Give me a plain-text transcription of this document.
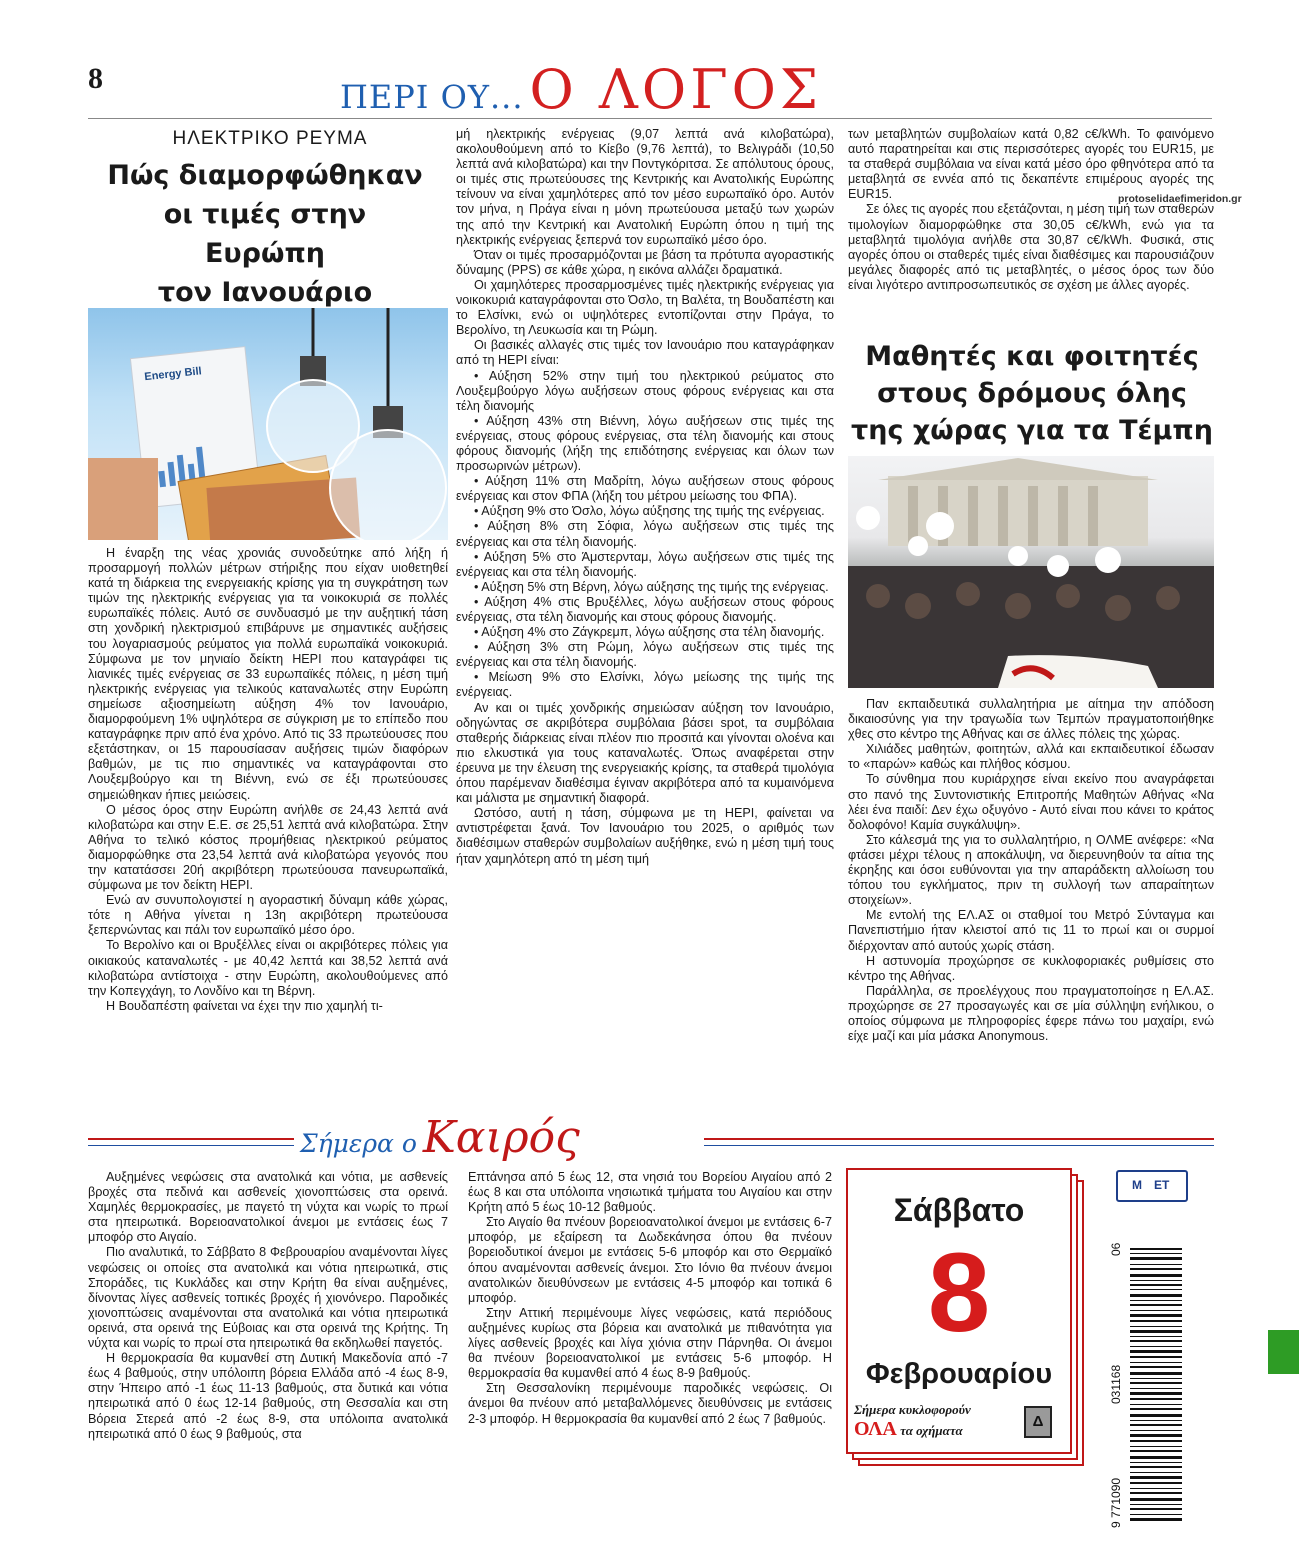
8	ΠΕΡΙ ΟΥ... Ο ΛΟΓΟΣ
protoselidaefimeridon.gr
ΗΛΕΚΤΡΙΚΟ ΡΕΥΜΑ
Πώς διαμορφώθηκαν
οι τιμές στην Ευρώπη
τον Ιανουάριο
Energy Bill

Η έναρξη της νέας χρονιάς συνοδεύτηκε από λήξη ή προσαρμογή πολλών μέτρων στήριξης που είχαν υιοθετηθεί κατά τη διάρκεια της ενεργειακής κρίσης για τη συγκράτηση των τιμών της ηλεκτρικής ενέργειας για τα νοικοκυριά σε πολλές ευρωπαϊκές πόλεις. Αυτό σε συνδυασμό με την αυξητική τάση στη χονδρική ηλεκτρισμού επιβάρυνε με σημαντικές αυξήσεις του λογαριασμούς ρεύματος για πολλά ευρωπαϊκά νοικοκυριά. Σύμφωνα με τον μηνιαίο δείκτη HEPI που καταγράφει τις λιανικές τιμές ενέργειας σε 33 ευρωπαϊκές πόλεις, η μέση τιμή ηλεκτρικής ενέργειας για τελικούς καταναλωτές στην Ευρώπη σημείωσε αξιοσημείωτη αύξηση 4% τον Ιανουάριο, διαμορφούμενη 1% υψηλότερα σε σύγκριση με το επίπεδο που καταγράφηκε πριν από ένα χρόνο. Από τις 33 πρωτεύουσες που εξετάστηκαν, οι 15 παρουσίασαν αυξήσεις τιμών διαφόρων βαθμών, με τις πιο σημαντικές να καταγράφονται στο Λουξεμβούργο και τη Βιέννη, ενώ σε έξι πρωτεύουσες σημειώθηκαν ήπιες μειώσεις.

Ο μέσος όρος στην Ευρώπη ανήλθε σε 24,43 λεπτά ανά κιλοβατώρα και στην Ε.Ε. σε 25,51 λεπτά ανά κιλοβατώρα. Στην Αθήνα το τελικό κόστος προμήθειας ηλεκτρικού ρεύματος διαμορφώθηκε στα 23,54 λεπτά ανά κιλοβατώρα γεγονός που την κατατάσσει 20ή ακριβότερη πρωτεύουσα πανευρωπαϊκά, σύμφωνα με τον δείκτη HEPI.

Ενώ αν συνυπολογιστεί η αγοραστική δύναμη κάθε χώρας, τότε η Αθήνα γίνεται η 13η ακριβότερη πρωτεύουσα ξεπερνώντας και πάλι τον ευρωπαϊκό μέσο όρο.

Το Βερολίνο και οι Βρυξέλλες είναι οι ακριβότερες πόλεις για οικιακούς καταναλωτές - με 40,42 λεπτά και 38,52 λεπτά ανά κιλοβατώρα αντίστοιχα - στην Ευρώπη, ακολουθούμενες από την Κοπεγχάγη, το Λονδίνο και τη Βέρνη.

Η Βουδαπέστη φαίνεται να έχει την πιο χαμηλή τι-

μή ηλεκτρικής ενέργειας (9,07 λεπτά ανά κιλοβατώρα), ακολουθούμενη από το Κίεβο (9,76 λεπτά), το Βελιγράδι (10,50 λεπτά ανά κιλοβατώρα) και την Ποντγκόριτσα. Σε απόλυτους όρους, οι τιμές στις πρωτεύουσες της Κεντρικής και Ανατολικής Ευρώπης τείνουν να είναι χαμηλότερες από τον μέσο ευρωπαϊκό όρο. Αυτόν τον μήνα, η Πράγα είναι η μόνη πρωτεύουσα μεταξύ των χωρών της από την Κεντρική και Ανατολική Ευρώπη όπου η τιμή της ηλεκτρικής ενέργειας ξεπερνά τον ευρωπαϊκό μέσο όρο.

Όταν οι τιμές προσαρμόζονται με βάση τα πρότυπα αγοραστικής δύναμης (PPS) σε κάθε χώρα, η εικόνα αλλάζει δραματικά.

Οι χαμηλότερες προσαρμοσμένες τιμές ηλεκτρικής ενέργειας για νοικοκυριά καταγράφονται στο Όσλο, τη Βαλέτα, τη Βουδαπέστη και το Ελσίνκι, ενώ οι υψηλότερες εντοπίζονται στην Πράγα, το Βερολίνο, τη Λευκωσία και τη Ρώμη.

Οι βασικές αλλαγές στις τιμές τον Ιανουάριο που καταγράφηκαν από τη HEPI είναι:

• Αύξηση 52% στην τιμή του ηλεκτρικού ρεύματος στο Λουξεμβούργο λόγω αυξήσεων στους φόρους ενέργειας και στα τέλη διανομής

• Αύξηση 43% στη Βιέννη, λόγω αυξήσεων στις τιμές της ενέργειας, στους φόρους ενέργειας, στα τέλη διανομής και στους φόρους διανομής (λήξη της επιδότησης ενέργειας και όλων των προσωρινών μέτρων).

• Αύξηση 11% στη Μαδρίτη, λόγω αυξήσεων στους φόρους ενέργειας και στον ΦΠΑ (λήξη του μέτρου μείωσης του ΦΠΑ).

• Αύξηση 9% στο Όσλο, λόγω αύξησης της τιμής της ενέργειας.

• Αύξηση 8% στη Σόφια, λόγω αυξήσεων στις τιμές της ενέργειας και στα τέλη διανομής.

• Αύξηση 5% στο Άμστερνταμ, λόγω αυξήσεων στις τιμές της ενέργειας και στα τέλη διανομής.

• Αύξηση 5% στη Βέρνη, λόγω αύξησης της τιμής της ενέργειας.

• Αύξηση 4% στις Βρυξέλλες, λόγω αυξήσεων στους φόρους ενέργειας, στα τέλη διανομής και στους φόρους διανομής.

• Αύξηση 4% στο Ζάγκρεμπ, λόγω αύξησης στα τέλη διανομής.

• Αύξηση 3% στη Ρώμη, λόγω αυξήσεων στις τιμές της ενέργειας και στα τέλη διανομής.

• Μείωση 9% στο Ελσίνκι, λόγω μείωσης της τιμής της ενέργειας.

Αν και οι τιμές χονδρικής σημειώσαν αύξηση τον Ιανουάριο, οδηγώντας σε ακριβότερα συμβόλαια βάσει spot, τα συμβόλαια σταθερής διάρκειας είναι πλέον πιο προσιτά και γίνονται ολοένα και πιο ελκυστικά για τους καταναλωτές. Όπως αναφέρεται στην έρευνα με την έλευση της ενεργειακής κρίσης, τα σταθερά τιμολόγια όπου παρέμεναν διαθέσιμα έγιναν ακριβότερα από τα κυμαινόμενα και μάλιστα με σημαντική διαφορά.

Ωστόσο, αυτή η τάση, σύμφωνα με τη HEPI, φαίνεται να αντιστρέφεται ξανά. Τον Ιανουάριο του 2025, ο αριθμός των διαθέσιμων σταθερών συμβολαίων αυξήθηκε, ενώ η μέση τιμή τους ήταν χαμηλότερη από τη μέση τιμή

των μεταβλητών συμβολαίων κατά 0,82 c€/kWh. Το φαινόμενο αυτό παρατηρείται και στις περισσότερες αγορές του EUR15, με τα σταθερά συμβόλαια να είναι κατά μέσο όρο φθηνότερα από τα μεταβλητά σε εννέα από τις δεκαπέντε επιμέρους αγορές της EUR15.

Σε όλες τις αγορές που εξετάζονται, η μέση τιμή των σταθερών τιμολογίων διαμορφώθηκε στα 30,05 c€/kWh, ενώ για τα μεταβλητά τιμολόγια ανήλθε στα 30,87 c€/kWh. Φυσικά, στις αγορές όπου οι σταθερές τιμές είναι διαθέσιμες και παρουσιάζουν μεγάλες διαφορές από τις μεταβλητές, ο μέσος όρος των δύο είναι λιγότερο αντιπροσωπευτικός σε σχέση με άλλες αγορές.

Μαθητές και φοιτητές
στους δρόμους όλης
της χώρας για τα Τέμπη

Παν εκπαιδευτικά συλλαλητήρια με αίτημα την απόδοση δικαιοσύνης για την τραγωδία των Τεμπών πραγματοποιήθηκε χθες στο κέντρο της Αθήνας και σε άλλες πόλεις της χώρας.

Χιλιάδες μαθητών, φοιτητών, αλλά και εκπαιδευτικοί έδωσαν το «παρών» καθώς και πλήθος κόσμου.

Το σύνθημα που κυριάρχησε είναι εκείνο που αναγράφεται στο πανό της Συντονιστικής Επιτροπής Μαθητών Αθήνας «Να λέει ένα παιδί: Δεν έχω οξυγόνο - Αυτό είναι που κάνει το κράτος δολοφόνο! Καμία συγκάλυψη».

Στο κάλεσμά της για το συλλαλητήριο, η ΟΛΜΕ ανέφερε: «Να φτάσει μέχρι τέλους η αποκάλυψη, να διερευνηθούν τα αίτια της έκρηξης και όσοι ευθύνονται για την απαράδεκτη αλλοίωση του τόπου του εγκλήματος, πριν τη συλλογή των απαραίτητων στοιχείων».

Με εντολή της ΕΛ.ΑΣ οι σταθμοί του Μετρό Σύνταγμα και Πανεπιστήμιο ήταν κλειστοί από τις 11 το πρωί και οι συρμοί διέρχονταν από αυτούς χωρίς στάση.

Η αστυνομία προχώρησε σε κυκλοφοριακές ρυθμίσεις στο κέντρο της Αθήνας.

Παράλληλα, σε προελέγχους που πραγματοποίησε η ΕΛ.ΑΣ. προχώρησε σε 27 προσαγωγές και σε μία σύλληψη ενήλικου, ο οποίος σύμφωνα με πληροφορίες έφερε πάνω του μαχαίρι, ενώ είχε μαζί και μία μάσκα Anonymous.

Σήμερα ο Καιρός

Αυξημένες νεφώσεις στα ανατολικά και νότια, με ασθενείς βροχές στα πεδινά και ασθενείς χιονοπτώσεις στα ορεινά. Χαμηλές θερμοκρασίες, με παγετό τη νύχτα και νωρίς το πρωί στα ηπειρωτικά. Βορειοανατολικοί άνεμοι με εντάσεις έως 7 μποφόρ στο Αιγαίο.

Πιο αναλυτικά, το Σάββατο 8 Φεβρουαρίου αναμένονται λίγες νεφώσεις οι οποίες στα ανατολικά και νότια ηπειρωτικά, στις Σποράδες, τις Κυκλάδες και στην Κρήτη θα είναι αυξημένες, δίνοντας λίγες ασθενείς τοπικές βροχές ή χιονόνερο. Παροδικές χιονοπτώσεις αναμένονται στα ανατολικά και νότια ηπειρωτικά ορεινά, στα ορεινά της Εύβοιας και στα ορεινά της Κρήτης. Τη νύχτα και νωρίς το πρωί στα ηπειρωτικά θα εκδηλωθεί παγετός.

Η θερμοκρασία θα κυμανθεί στη Δυτική Μακεδονία από -7 έως 4 βαθμούς, στην υπόλοιπη βόρεια Ελλάδα από -4 έως 8-9, στην Ήπειρο από -1 έως 11-13 βαθμούς, στα δυτικά και νότια ηπειρωτικά από 0 έως 12-14 βαθμούς, στη Θεσσαλία και στη Βόρεια Στερεά από -2 έως 8-9, στα υπόλοιπα ανατολικά ηπειρωτικά από 0 έως 9 βαθμούς, στα

Επτάνησα από 5 έως 12, στα νησιά του Βορείου Αιγαίου από 2 έως 8 και στα υπόλοιπα νησιωτικά τμήματα του Αιγαίου και στην Κρήτη από 5 έως 10-12 βαθμούς.

Στο Αιγαίο θα πνέουν βορειοανατολικοί άνεμοι με εντάσεις 6-7 μποφόρ, με εξαίρεση τα Δωδεκάνησα όπου θα πνέουν βορειοδυτικοί άνεμοι με εντάσεις 5-6 μποφόρ και στο Θερμαϊκό όπου αναμένονται ασθενείς άνεμοι. Στο Ιόνιο θα πνέουν άνεμοι ανατολικών διευθύνσεων με εντάσεις 4-5 μποφόρ και τοπικά 6 μποφόρ.

Στην Αττική περιμένουμε λίγες νεφώσεις, κατά περιόδους αυξημένες κυρίως στα βόρεια και ανατολικά με πιθανότητα για λίγες ασθενείς βροχές και λίγα χιόνια στην Πάρνηθα. Οι άνεμοι θα πνέουν βορειοανατολικοί με εντάσεις 5-6 μποφόρ. Η θερμοκρασία θα κυμανθεί από 4 έως 8-9 βαθμούς.

Στη Θεσσαλονίκη περιμένουμε παροδικές νεφώσεις. Οι άνεμοι θα πνέουν από μεταβαλλόμενες διευθύνσεις με εντάσεις 2-3 μποφόρ. Η θερμοκρασία θα κυμανθεί από 2 έως 7 βαθμούς.

Σάββατο
8
Φεβρουαρίου
Σήμερα κυκλοφορούν
ΟΛΑ τα οχήματα
Δ
M ET
9 771090
031168
06
